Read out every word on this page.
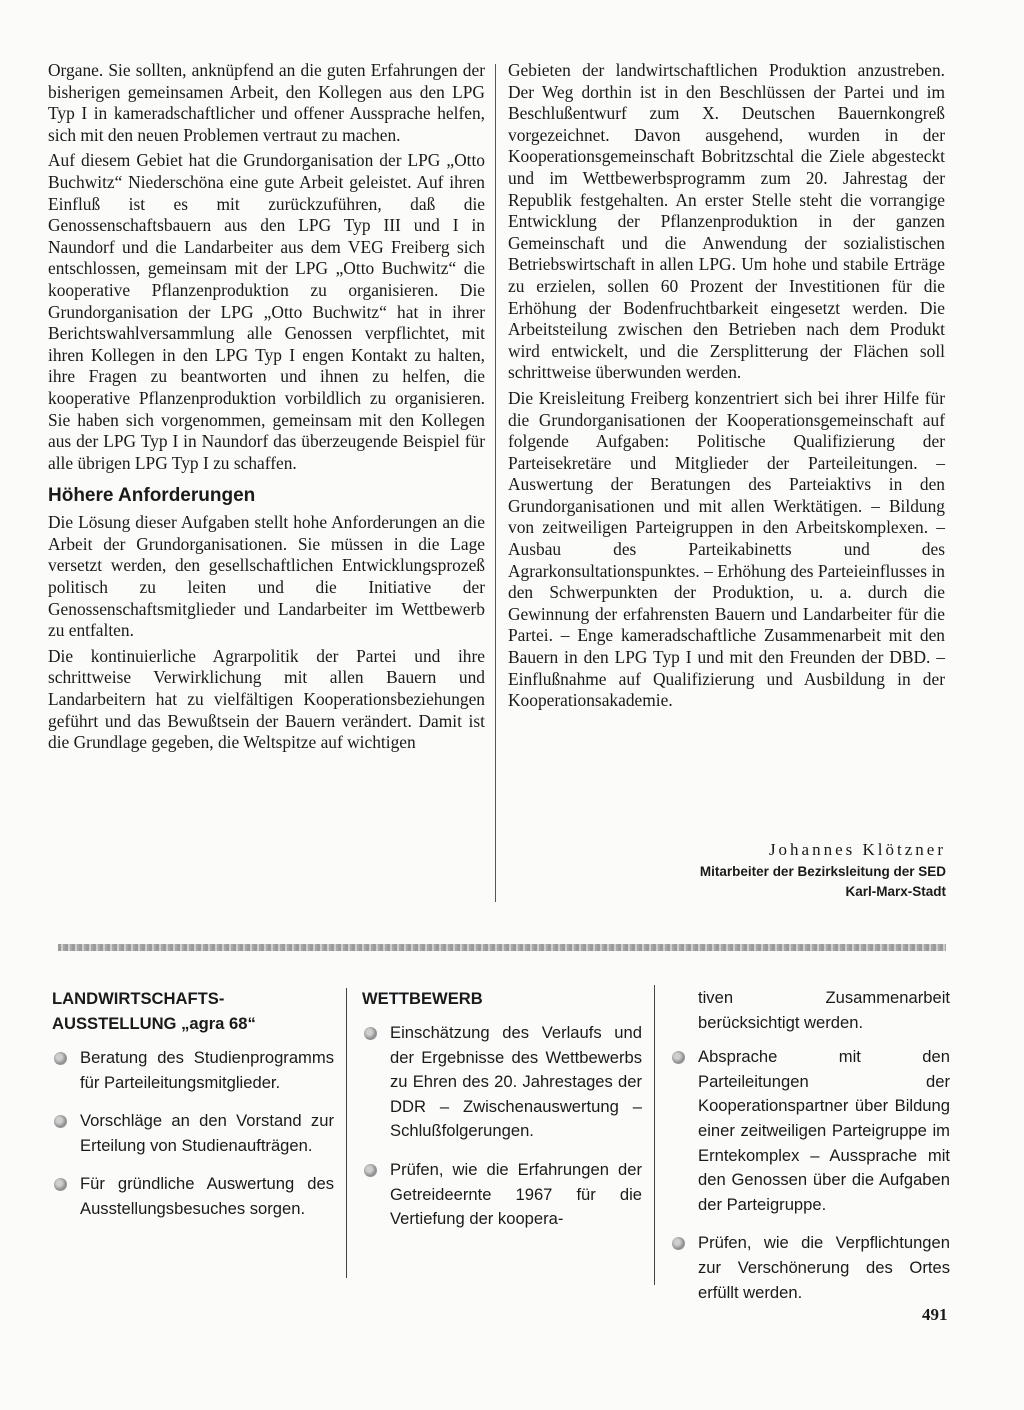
Organe. Sie sollten, anknüpfend an die guten Erfahrungen der bisherigen gemeinsamen Arbeit, den Kollegen aus den LPG Typ I in kameradschaftlicher und offener Aussprache helfen, sich mit den neuen Problemen vertraut zu machen.

Auf diesem Gebiet hat die Grundorganisation der LPG „Otto Buchwitz“ Niederschöna eine gute Arbeit geleistet. Auf ihren Einfluß ist es mit zurückzuführen, daß die Genossenschaftsbauern aus den LPG Typ III und I in Naundorf und die Landarbeiter aus dem VEG Freiberg sich entschlossen, gemeinsam mit der LPG „Otto Buchwitz“ die kooperative Pflanzenproduktion zu organisieren. Die Grundorganisation der LPG „Otto Buchwitz“ hat in ihrer Berichtswahlversammlung alle Genossen verpflichtet, mit ihren Kollegen in den LPG Typ I engen Kontakt zu halten, ihre Fragen zu beantworten und ihnen zu helfen, die kooperative Pflanzenproduktion vorbildlich zu organisieren. Sie haben sich vorgenommen, gemeinsam mit den Kollegen aus der LPG Typ I in Naundorf das überzeugende Beispiel für alle übrigen LPG Typ I zu schaffen.

Höhere Anforderungen

Die Lösung dieser Aufgaben stellt hohe Anforderungen an die Arbeit der Grundorganisationen. Sie müssen in die Lage versetzt werden, den gesellschaftlichen Entwicklungsprozeß politisch zu leiten und die Initiative der Genossenschaftsmitglieder und Landarbeiter im Wettbewerb zu entfalten.

Die kontinuierliche Agrarpolitik der Partei und ihre schrittweise Verwirklichung mit allen Bauern und Landarbeitern hat zu vielfältigen Kooperationsbeziehungen geführt und das Bewußtsein der Bauern verändert. Damit ist die Grundlage gegeben, die Weltspitze auf wichtigen

Gebieten der landwirtschaftlichen Produktion anzustreben. Der Weg dorthin ist in den Beschlüssen der Partei und im Beschlußentwurf zum X. Deutschen Bauernkongreß vorgezeichnet. Davon ausgehend, wurden in der Kooperationsgemeinschaft Bobritzschtal die Ziele abgesteckt und im Wettbewerbsprogramm zum 20. Jahrestag der Republik festgehalten. An erster Stelle steht die vorrangige Entwicklung der Pflanzenproduktion in der ganzen Gemeinschaft und die Anwendung der sozialistischen Betriebswirtschaft in allen LPG. Um hohe und stabile Erträge zu erzielen, sollen 60 Prozent der Investitionen für die Erhöhung der Bodenfruchtbarkeit eingesetzt werden. Die Arbeitsteilung zwischen den Betrieben nach dem Produkt wird entwickelt, und die Zersplitterung der Flächen soll schrittweise überwunden werden.

Die Kreisleitung Freiberg konzentriert sich bei ihrer Hilfe für die Grundorganisationen der Kooperationsgemeinschaft auf folgende Aufgaben: Politische Qualifizierung der Parteisekretäre und Mitglieder der Parteileitungen. – Auswertung der Beratungen des Parteiaktivs in den Grundorganisationen und mit allen Werktätigen. – Bildung von zeitweiligen Parteigruppen in den Arbeitskomplexen. – Ausbau des Parteikabinetts und des Agrarkonsultationspunktes. – Erhöhung des Parteieinflusses in den Schwerpunkten der Produktion, u. a. durch die Gewinnung der erfahrensten Bauern und Landarbeiter für die Partei. – Enge kameradschaftliche Zusammenarbeit mit den Bauern in den LPG Typ I und mit den Freunden der DBD. – Einflußnahme auf Qualifizierung und Ausbildung in der Kooperationsakademie.

Johannes Klötzner
Mitarbeiter der Bezirksleitung der SED
Karl-Marx-Stadt
LANDWIRTSCHAFTS-
AUSSTELLUNG „agra 68“
Beratung des Studienprogramms für Parteileitungsmitglieder.
Vorschläge an den Vorstand zur Erteilung von Studienaufträgen.
Für gründliche Auswertung des Ausstellungsbesuches sorgen.
WETTBEWERB
Einschätzung des Verlaufs und der Ergebnisse des Wettbewerbs zu Ehren des 20. Jahrestages der DDR – Zwischenauswertung – Schlußfolgerungen.
Prüfen, wie die Erfahrungen der Getreideernte 1967 für die Vertiefung der koopera-
tiven Zusammenarbeit berücksichtigt werden.
Absprache mit den Parteileitungen der Kooperationspartner über Bildung einer zeitweiligen Parteigruppe im Erntekomplex – Aussprache mit den Genossen über die Aufgaben der Parteigruppe.
Prüfen, wie die Verpflichtungen zur Verschönerung des Ortes erfüllt werden.
491
